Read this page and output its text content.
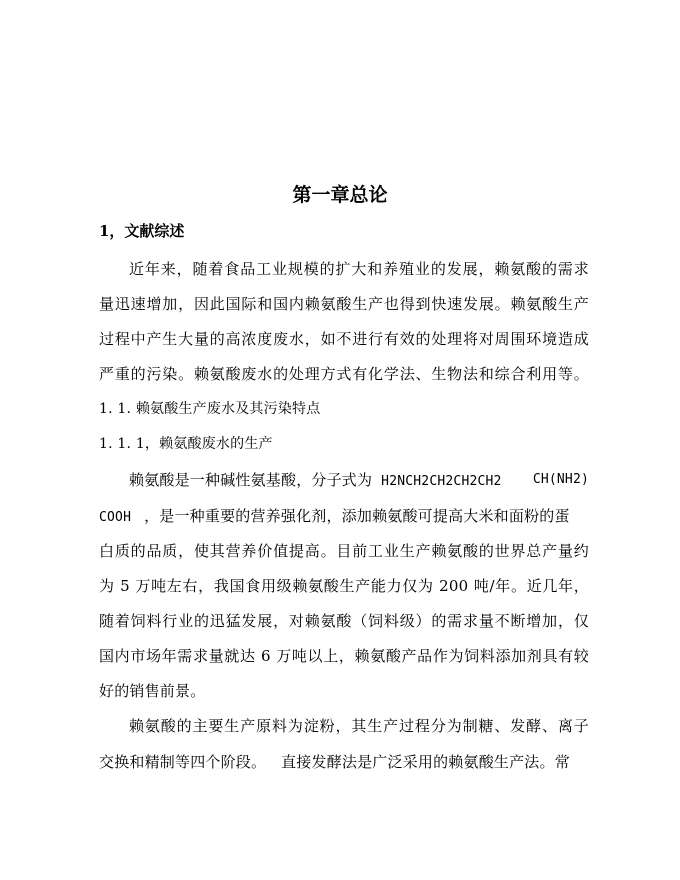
第一章总论
1，文献综述
近年来，随着食品工业规模的扩大和养殖业的发展，赖氨酸的需求
量迅速增加，因此国际和国内赖氨酸生产也得到快速发展。赖氨酸生产
过程中产生大量的高浓度废水，如不进行有效的处理将对周围环境造成
严重的污染。赖氨酸废水的处理方式有化学法、生物法和综合利用等。
1. 1. 赖氨酸生产废水及其污染特点
1. 1. 1，赖氨酸废水的生产
赖氨酸是一种碱性氨基酸，分子式为 H2NCH2CH2CH2CH2 CH(NH2)
COOH ，是一种重要的营养强化剂，添加赖氨酸可提高大米和面粉的蛋
白质的品质，使其营养价值提高。目前工业生产赖氨酸的世界总产量约
为 5 万吨左右，我国食用级赖氨酸生产能力仅为 200 吨/年。近几年，
随着饲料行业的迅猛发展，对赖氨酸（饲料级）的需求量不断增加，仅
国内市场年需求量就达 6 万吨以上，赖氨酸产品作为饲料添加剂具有较
好的销售前景。
赖氨酸的主要生产原料为淀粉，其生产过程分为制糖、发酵、离子
交换和精制等四个阶段。   直接发酵法是广泛采用的赖氨酸生产法。常
